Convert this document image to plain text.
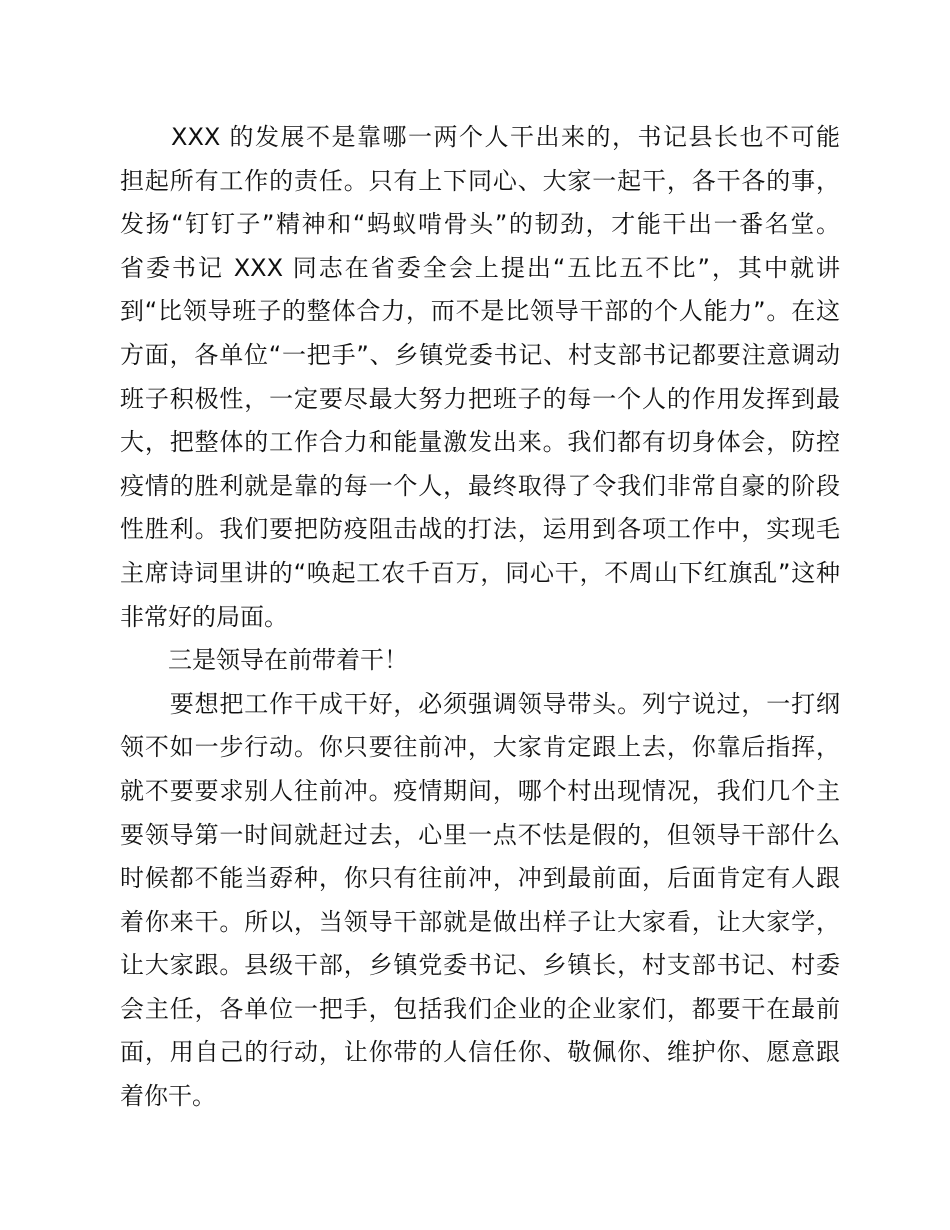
　　XXX 的发展不是靠哪一两个人干出来的，书记县长也不可能
担起所有工作的责任。只有上下同心、大家一起干，各干各的事，
发扬“钉钉子”精神和“蚂蚁啃骨头”的韧劲，才能干出一番名堂。
省委书记 XXX 同志在省委全会上提出“五比五不比”，其中就讲
到“比领导班子的整体合力，而不是比领导干部的个人能力”。在这
方面，各单位“一把手”、乡镇党委书记、村支部书记都要注意调动
班子积极性，一定要尽最大努力把班子的每一个人的作用发挥到最
大，把整体的工作合力和能量激发出来。我们都有切身体会，防控
疫情的胜利就是靠的每一个人，最终取得了令我们非常自豪的阶段
性胜利。我们要把防疫阻击战的打法，运用到各项工作中，实现毛
主席诗词里讲的“唤起工农千百万，同心干，不周山下红旗乱”这种
非常好的局面。
　　三是领导在前带着干！
　　要想把工作干成干好，必须强调领导带头。列宁说过，一打纲
领不如一步行动。你只要往前冲，大家肯定跟上去，你靠后指挥，
就不要要求别人往前冲。疫情期间，哪个村出现情况，我们几个主
要领导第一时间就赶过去，心里一点不怯是假的，但领导干部什么
时候都不能当孬种，你只有往前冲，冲到最前面，后面肯定有人跟
着你来干。所以，当领导干部就是做出样子让大家看，让大家学，
让大家跟。县级干部，乡镇党委书记、乡镇长，村支部书记、村委
会主任，各单位一把手，包括我们企业的企业家们，都要干在最前
面，用自己的行动，让你带的人信任你、敬佩你、维护你、愿意跟
着你干。
